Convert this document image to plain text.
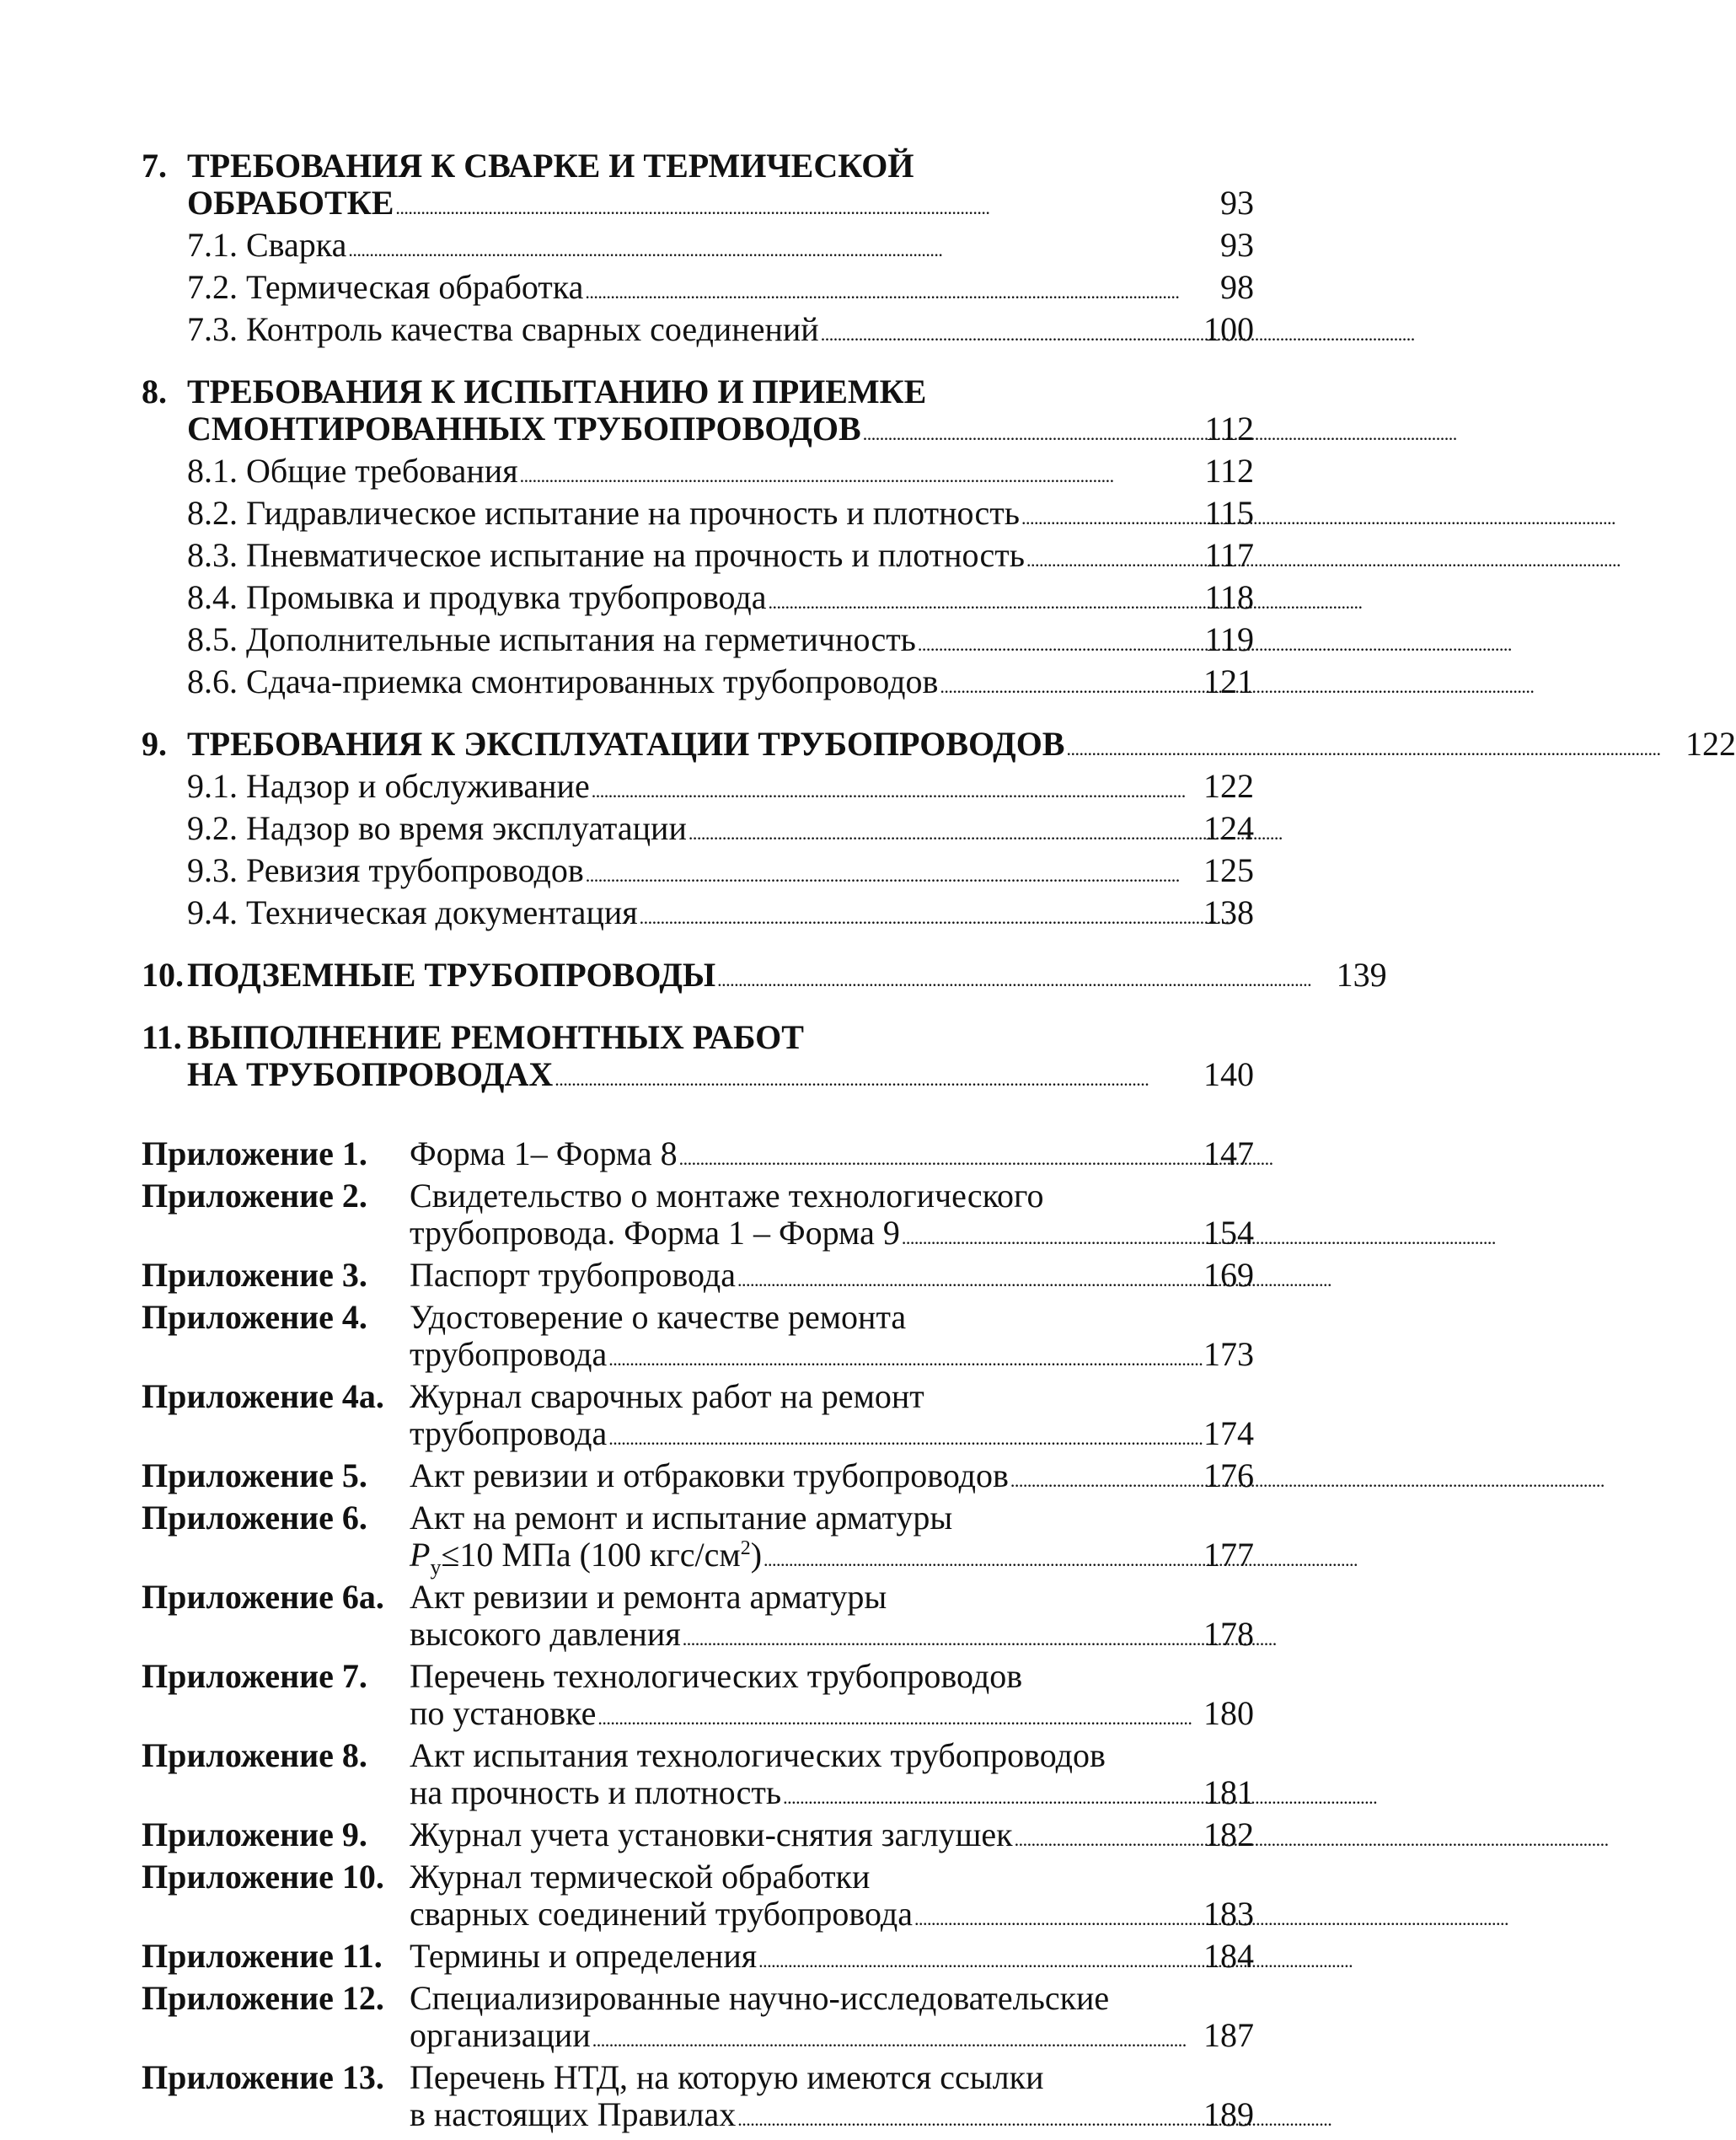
7. ТРЕБОВАНИЯ К СВАРКЕ И ТЕРМИЧЕСКОЙ
ОБРАБОТКЕ . . .	93
7.1. Сварка . . .	93
7.2. Термическая обработка . . .	98
7.3. Контроль качества сварных соединений . . .	100
8. ТРЕБОВАНИЯ К ИСПЫТАНИЮ И ПРИЕМКЕ
СМОНТИРОВАННЫХ ТРУБОПРОВОДОВ . . .	112
8.1. Общие требования . . .	112
8.2. Гидравлическое испытание на прочность и плотность . . .	115
8.3. Пневматическое испытание на прочность и плотность . . .	117
8.4. Промывка и продувка трубопровода . . .	118
8.5. Дополнительные испытания на герметичность . . .	119
8.6. Сдача-приемка смонтированных трубопроводов . . .	121
9. ТРЕБОВАНИЯ К ЭКСПЛУАТАЦИИ ТРУБОПРОВОДОВ . . .	122
9.1. Надзор и обслуживание . . .	122
9.2. Надзор во время эксплуатации . . .	124
9.3. Ревизия трубопроводов . . .	125
9.4. Техническая документация . . .	138
10. ПОДЗЕМНЫЕ ТРУБОПРОВОДЫ . . .	139
11. ВЫПОЛНЕНИЕ РЕМОНТНЫХ РАБОТ
НА ТРУБОПРОВОДАХ . . .	140
Приложение 1.	Форма 1– Форма 8 . . .	147
Приложение 2.	Свидетельство о монтаже технологического
трубопровода. Форма 1 – Форма 9 . . .	154
Приложение 3.	Паспорт трубопровода . . .	169
Приложение 4.	Удостоверение о качестве ремонта
трубопровода . . .	173
Приложение 4а. Журнал сварочных работ на ремонт
трубопровода . . .	174
Приложение 5.	Акт ревизии и отбраковки трубопроводов . . .	176
Приложение 6.	Акт на ремонт и испытание арматуры
$P_у\le 10$ МПа (100 кгс/$см^2$) . . .	177
Приложение 6а. Акт ревизии и ремонта арматуры
высокого давления . . .	178
Приложение 7.	Перечень технологических трубопроводов
по установке . . .	180
Приложение 8.	Акт испытания технологических трубопроводов
на прочность и плотность . . .	181
Приложение 9.	Журнал учета установки-снятия заглушек . . .	182
Приложение 10. Журнал термической обработки
сварных соединений трубопровода . . .	183
Приложение 11. Термины и определения . . .	184
Приложение 12. Специализированные научно-исследовательские
организации . . .	187
Приложение 13. Перечень НТД, на которую имеются ссылки
в настоящих Правилах . . .	189
